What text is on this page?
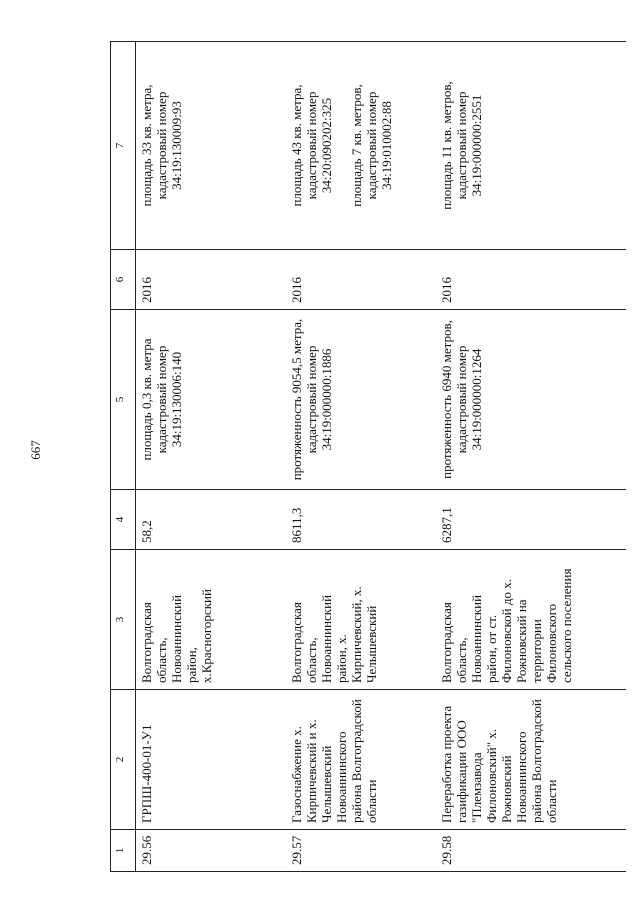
667
1	2	3	4	5	6	7
29.56	ГРПШ-400-01-У1	Волгоградская область, Новоаннинский район, х.Красногорский	58,2	площадь 0,3 кв. метра кадастровый номер 34:19:130006:140	2016	площадь 33 кв. метра, кадастровый номер 34:19:130009:93

29.57	Газоснабжение х. Кирпичевский и х. Челышевский Новоаннинского района Волгоградской области	Волгоградская область, Новоаннинский район, х. Кирпичевский, х. Челышевский	8611,3	протяженность 9054,5 метра, кадастровый номер 34:19:000000:1886	2016	площадь 43 кв. метра, кадастровый номер 34:20:090202:325 площадь 7 кв. метров, кадастровый номер 34:19:010002:88

29.58	Переработка проекта газификации ООО "Племзавода Филоновский" х. Рожновский Новоаннинского района Волгоградской области	Волгоградская область, Новоаннинский район, от ст. Филоновской до х. Рожновский на территории Филоновского сельского поселения	6287,1	протяженность 6940 метров, кадастровый номер 34:19:000000:1264	2016	площадь 11 кв. метров, кадастровый номер 34:19:000000:2551
